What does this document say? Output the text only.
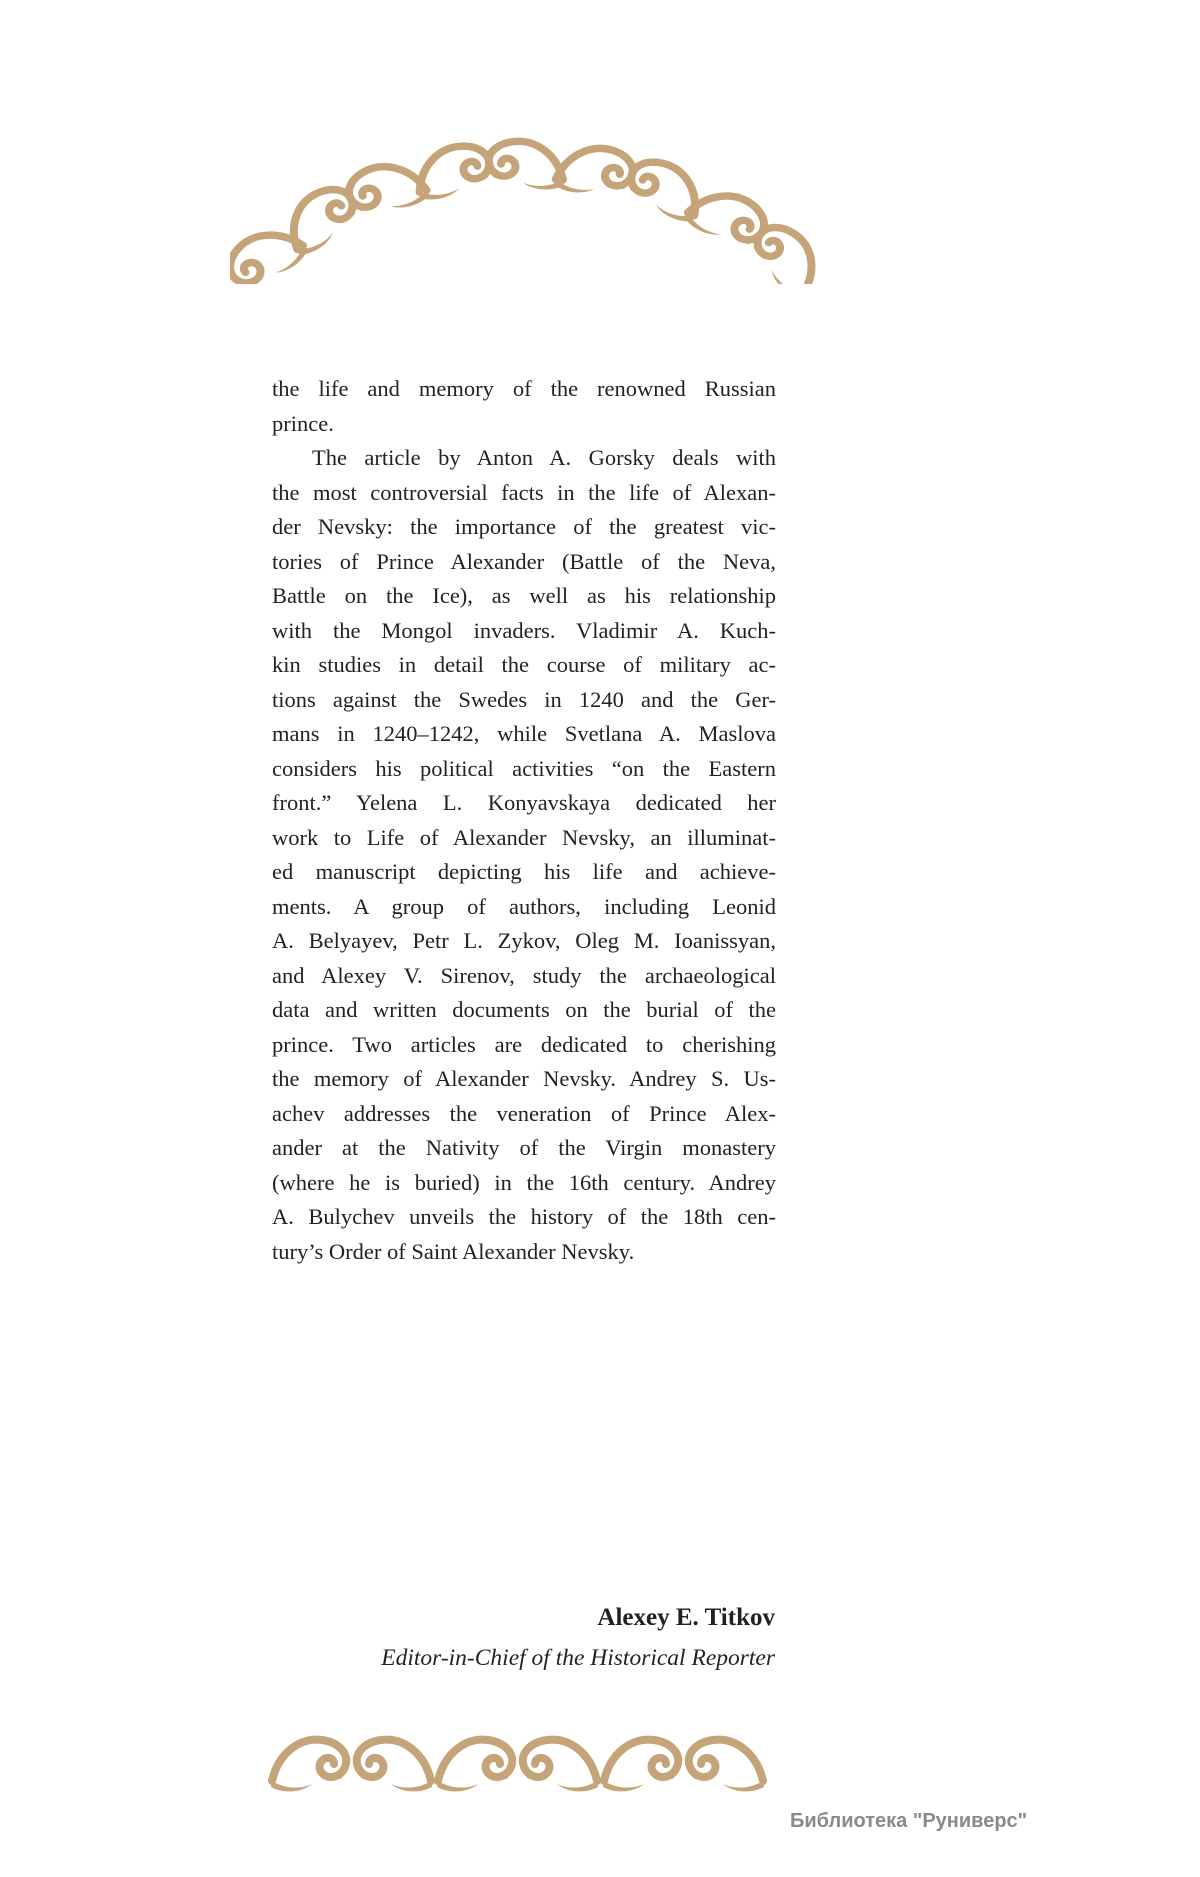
the life and memory of the renowned Russian
prince.
The article by Anton A. Gorsky deals with
the most controversial facts in the life of Alexan-
der Nevsky: the importance of the greatest vic-
tories of Prince Alexander (Battle of the Neva,
Battle on the Ice), as well as his relationship
with the Mongol invaders. Vladimir A. Kuch-
kin studies in detail the course of military ac-
tions against the Swedes in 1240 and the Ger-
mans in 1240–1242, while Svetlana A. Maslova
considers his political activities “on the Eastern
front.” Yelena L. Konyavskaya dedicated her
work to Life of Alexander Nevsky, an illuminat-
ed manuscript depicting his life and achieve-
ments. A group of authors, including Leonid
A. Belyayev, Petr L. Zykov, Oleg M. Ioanissyan,
and Alexey V. Sirenov, study the archaeological
data and written documents on the burial of the
prince. Two articles are dedicated to cherishing
the memory of Alexander Nevsky. Andrey S. Us-
achev addresses the veneration of Prince Alex-
ander at the Nativity of the Virgin monastery
(where he is buried) in the 16th century. Andrey
A. Bulychev unveils the history of the 18th cen-
tury’s Order of Saint Alexander Nevsky.
Alexey E. Titkov
Editor-in-Chief of the Historical Reporter
Библиотека "Руниверс"
